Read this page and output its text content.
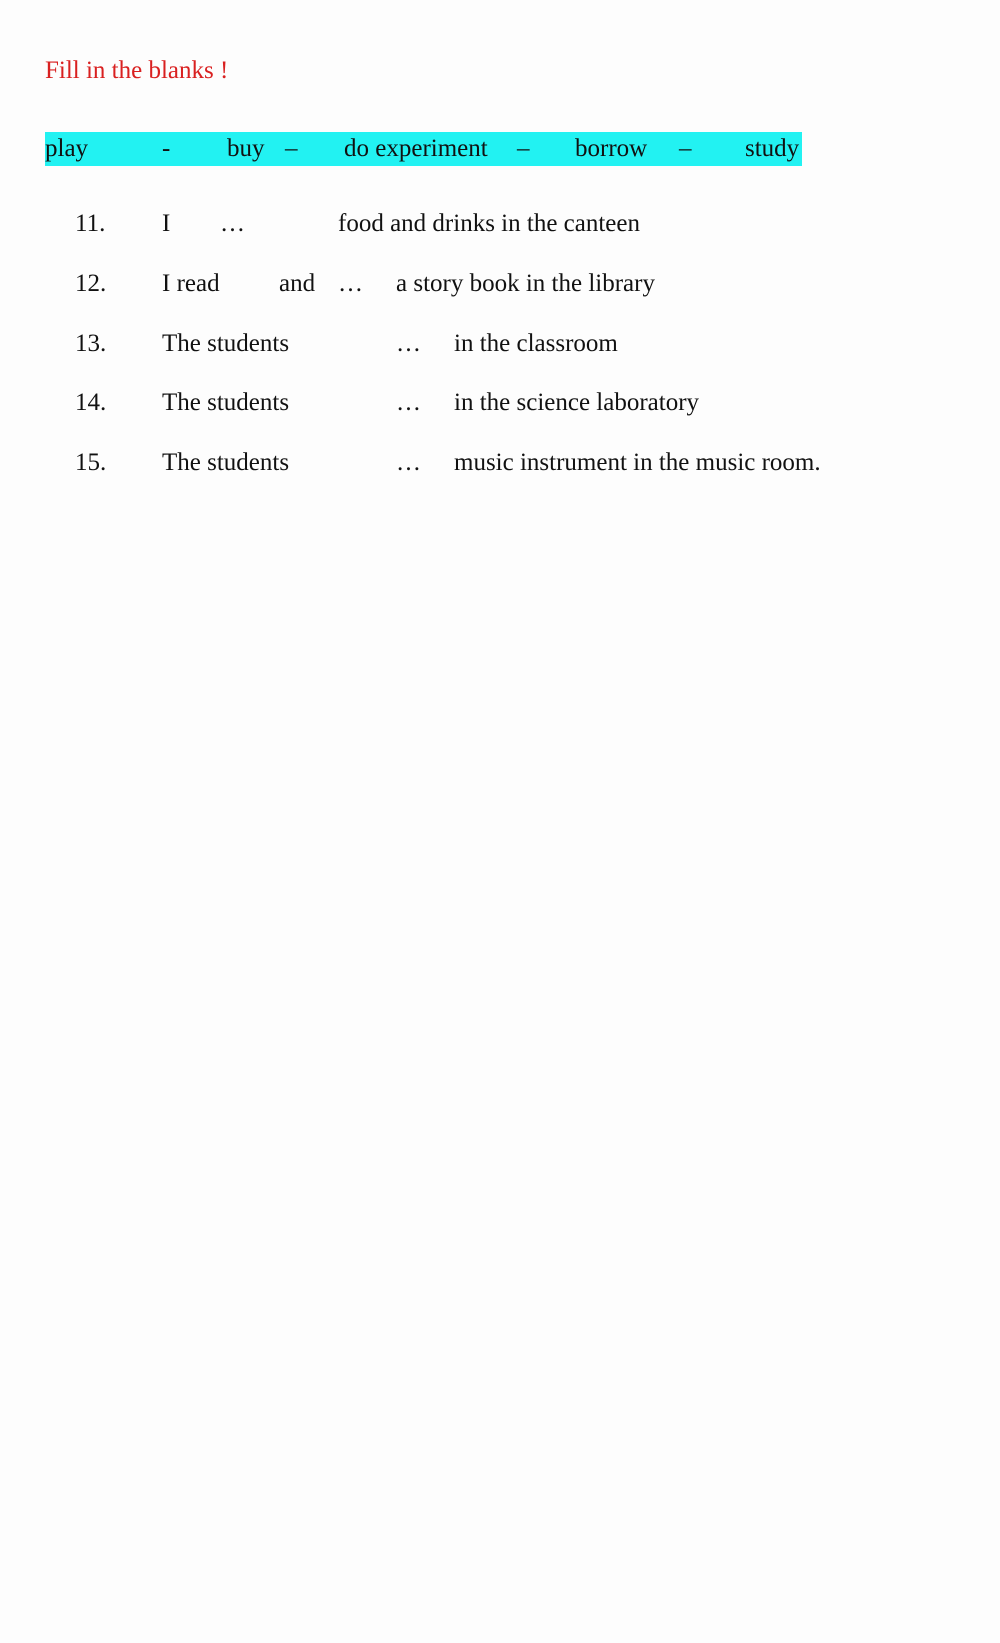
Fill in the blanks !
play	- buy – do experiment – borrow – study
11. I …	food and drinks in the canteen
12. I read and … a story book in the library
13. The students	… in the classroom
14. The students	… in the science laboratory
15. The students	… music instrument in the music room.
